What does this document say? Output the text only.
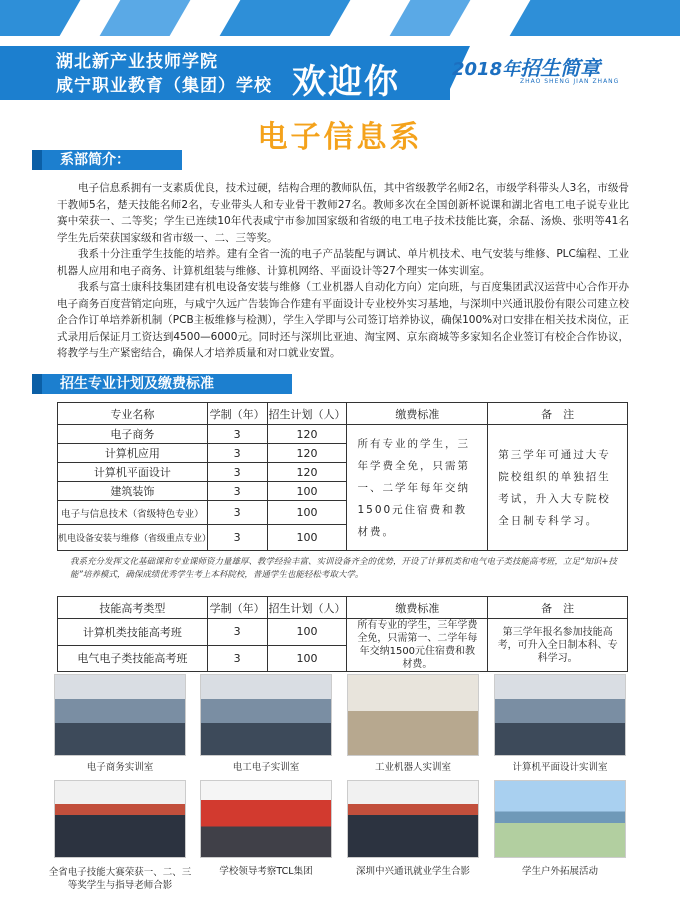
湖北新产业技师学院
咸宁职业教育（集团）学校 欢迎你	2018年招生简章
ZHAO SHENG JIAN ZHANG
电子信息系
系部简介：

电子信息系拥有一支素质优良，技术过硬，结构合理的教师队伍，其中省级教学名师2名，市级学科带头人3名，市级骨干教师5名，楚天技能名师2名，专业带头人和专业骨干教师27名。教师多次在全国创新杯说课和湖北省电工电子说专业比赛中荣获一、二等奖；学生已连续10年代表咸宁市参加国家级和省级的电工电子技术技能比赛，余磊、汤焕、张明等41名学生先后荣获国家级和省市级一、二、三等奖。

我系十分注重学生技能的培养。建有全省一流的电子产品装配与调试、单片机技术、电气安装与维修、PLC编程、工业机器人应用和电子商务、计算机组装与维修、计算机网络、平面设计等27个理实一体实训室。

我系与富士康科技集团建有机电设备安装与维修（工业机器人自动化方向）定向班，与百度集团武汉运营中心合作开办电子商务百度营销定向班，与咸宁久远广告装饰合作建有平面设计专业校外实习基地，与深圳中兴通讯股份有限公司建立校企合作订单培养新机制（PCB主板维修与检测），学生入学即与公司签订培养协议，确保100%对口安排在相关技术岗位，正式录用后保证月工资达到4500—6000元。同时还与深圳比亚迪、淘宝网、京东商城等多家知名企业签订有校企合作协议，将教学与生产紧密结合，确保人才培养质量和对口就业安置。

招生专业计划及缴费标准
专业名称	学制（年）	招生计划（人）	缴费标准	备　注
电子商务	3	120	所有专业的学生，三年学费全免，只需第一、二学年每年交纳1500元住宿费和教材费。	第三学年可通过大专院校组织的单独招生考试，升入大专院校全日制专科学习。
计算机应用	3	120		
计算机平面设计	3	120		
建筑装饰	3	100		
电子与信息技术（省级特色专业）	3	100		
机电设备安装与维修（省级重点专业）	3	100		
我系充分发挥文化基础课和专业课师资力量雄厚、教学经验丰富、实训设备齐全的优势，开设了计算机类和电气电子类技能高考班，立足“知识+技能”培养模式，确保成绩优秀学生考上本科院校，普通学生也能轻松考取大学。
技能高考类型	学制（年）	招生计划（人）	缴费标准	备　注
计算机类技能高考班	3	100	所有专业的学生，三年学费全免，只需第一、二学年每年交纳1500元住宿费和教材费。	第三学年报名参加技能高考，可升入全日制本科、专科学习。
电气电子类技能高考班	3	100		
电子商务实训室	电工电子实训室	工业机器人实训室	计算机平面设计实训室
全省电子技能大赛荣获一、二、三等奖学生与指导老师合影
学校领导考察TCL集团	深圳中兴通讯就业学生合影	学生户外拓展活动
